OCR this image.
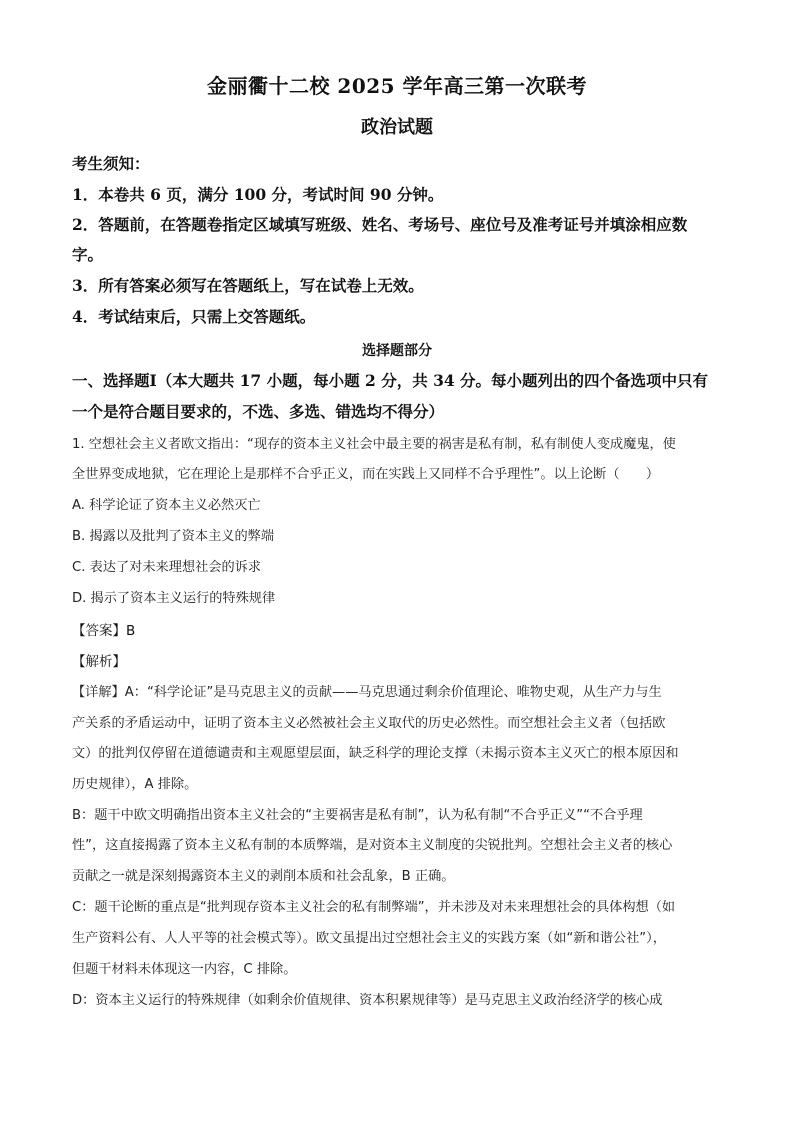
金丽衢十二校 2025 学年高三第一次联考
政治试题
考生须知：
1．本卷共 6 页，满分 100 分，考试时间 90 分钟。
2．答题前，在答题卷指定区域填写班级、姓名、考场号、座位号及准考证号并填涂相应数
字。
3．所有答案必须写在答题纸上，写在试卷上无效。
4．考试结束后，只需上交答题纸。
选择题部分
一、选择题Ⅰ（本大题共 17 小题，每小题 2 分，共 34 分。每小题列出的四个备选项中只有
一个是符合题目要求的，不选、多选、错选均不得分）
1. 空想社会主义者欧文指出：“现存的资本主义社会中最主要的祸害是私有制，私有制使人变成魔鬼，使
全世界变成地狱，它在理论上是那样不合乎正义，而在实践上又同样不合乎理性”。以上论断（　　）
A. 科学论证了资本主义必然灭亡
B. 揭露以及批判了资本主义的弊端
C. 表达了对未来理想社会的诉求
D. 揭示了资本主义运行的特殊规律
【答案】B
【解析】
【详解】A：“科学论证”是马克思主义的贡献——马克思通过剩余价值理论、唯物史观，从生产力与生
产关系的矛盾运动中，证明了资本主义必然被社会主义取代的历史必然性。而空想社会主义者（包括欧
文）的批判仅停留在道德谴责和主观愿望层面，缺乏科学的理论支撑（未揭示资本主义灭亡的根本原因和
历史规律），A 排除。
B：题干中欧文明确指出资本主义社会的“主要祸害是私有制”，认为私有制“不合乎正义”“不合乎理
性”，这直接揭露了资本主义私有制的本质弊端，是对资本主义制度的尖锐批判。空想社会主义者的核心
贡献之一就是深刻揭露资本主义的剥削本质和社会乱象，B 正确。
C：题干论断的重点是“批判现存资本主义社会的私有制弊端”，并未涉及对未来理想社会的具体构想（如
生产资料公有、人人平等的社会模式等）。欧文虽提出过空想社会主义的实践方案（如“新和谐公社”），
但题干材料未体现这一内容，C 排除。
D：资本主义运行的特殊规律（如剩余价值规律、资本积累规律等）是马克思主义政治经济学的核心成
